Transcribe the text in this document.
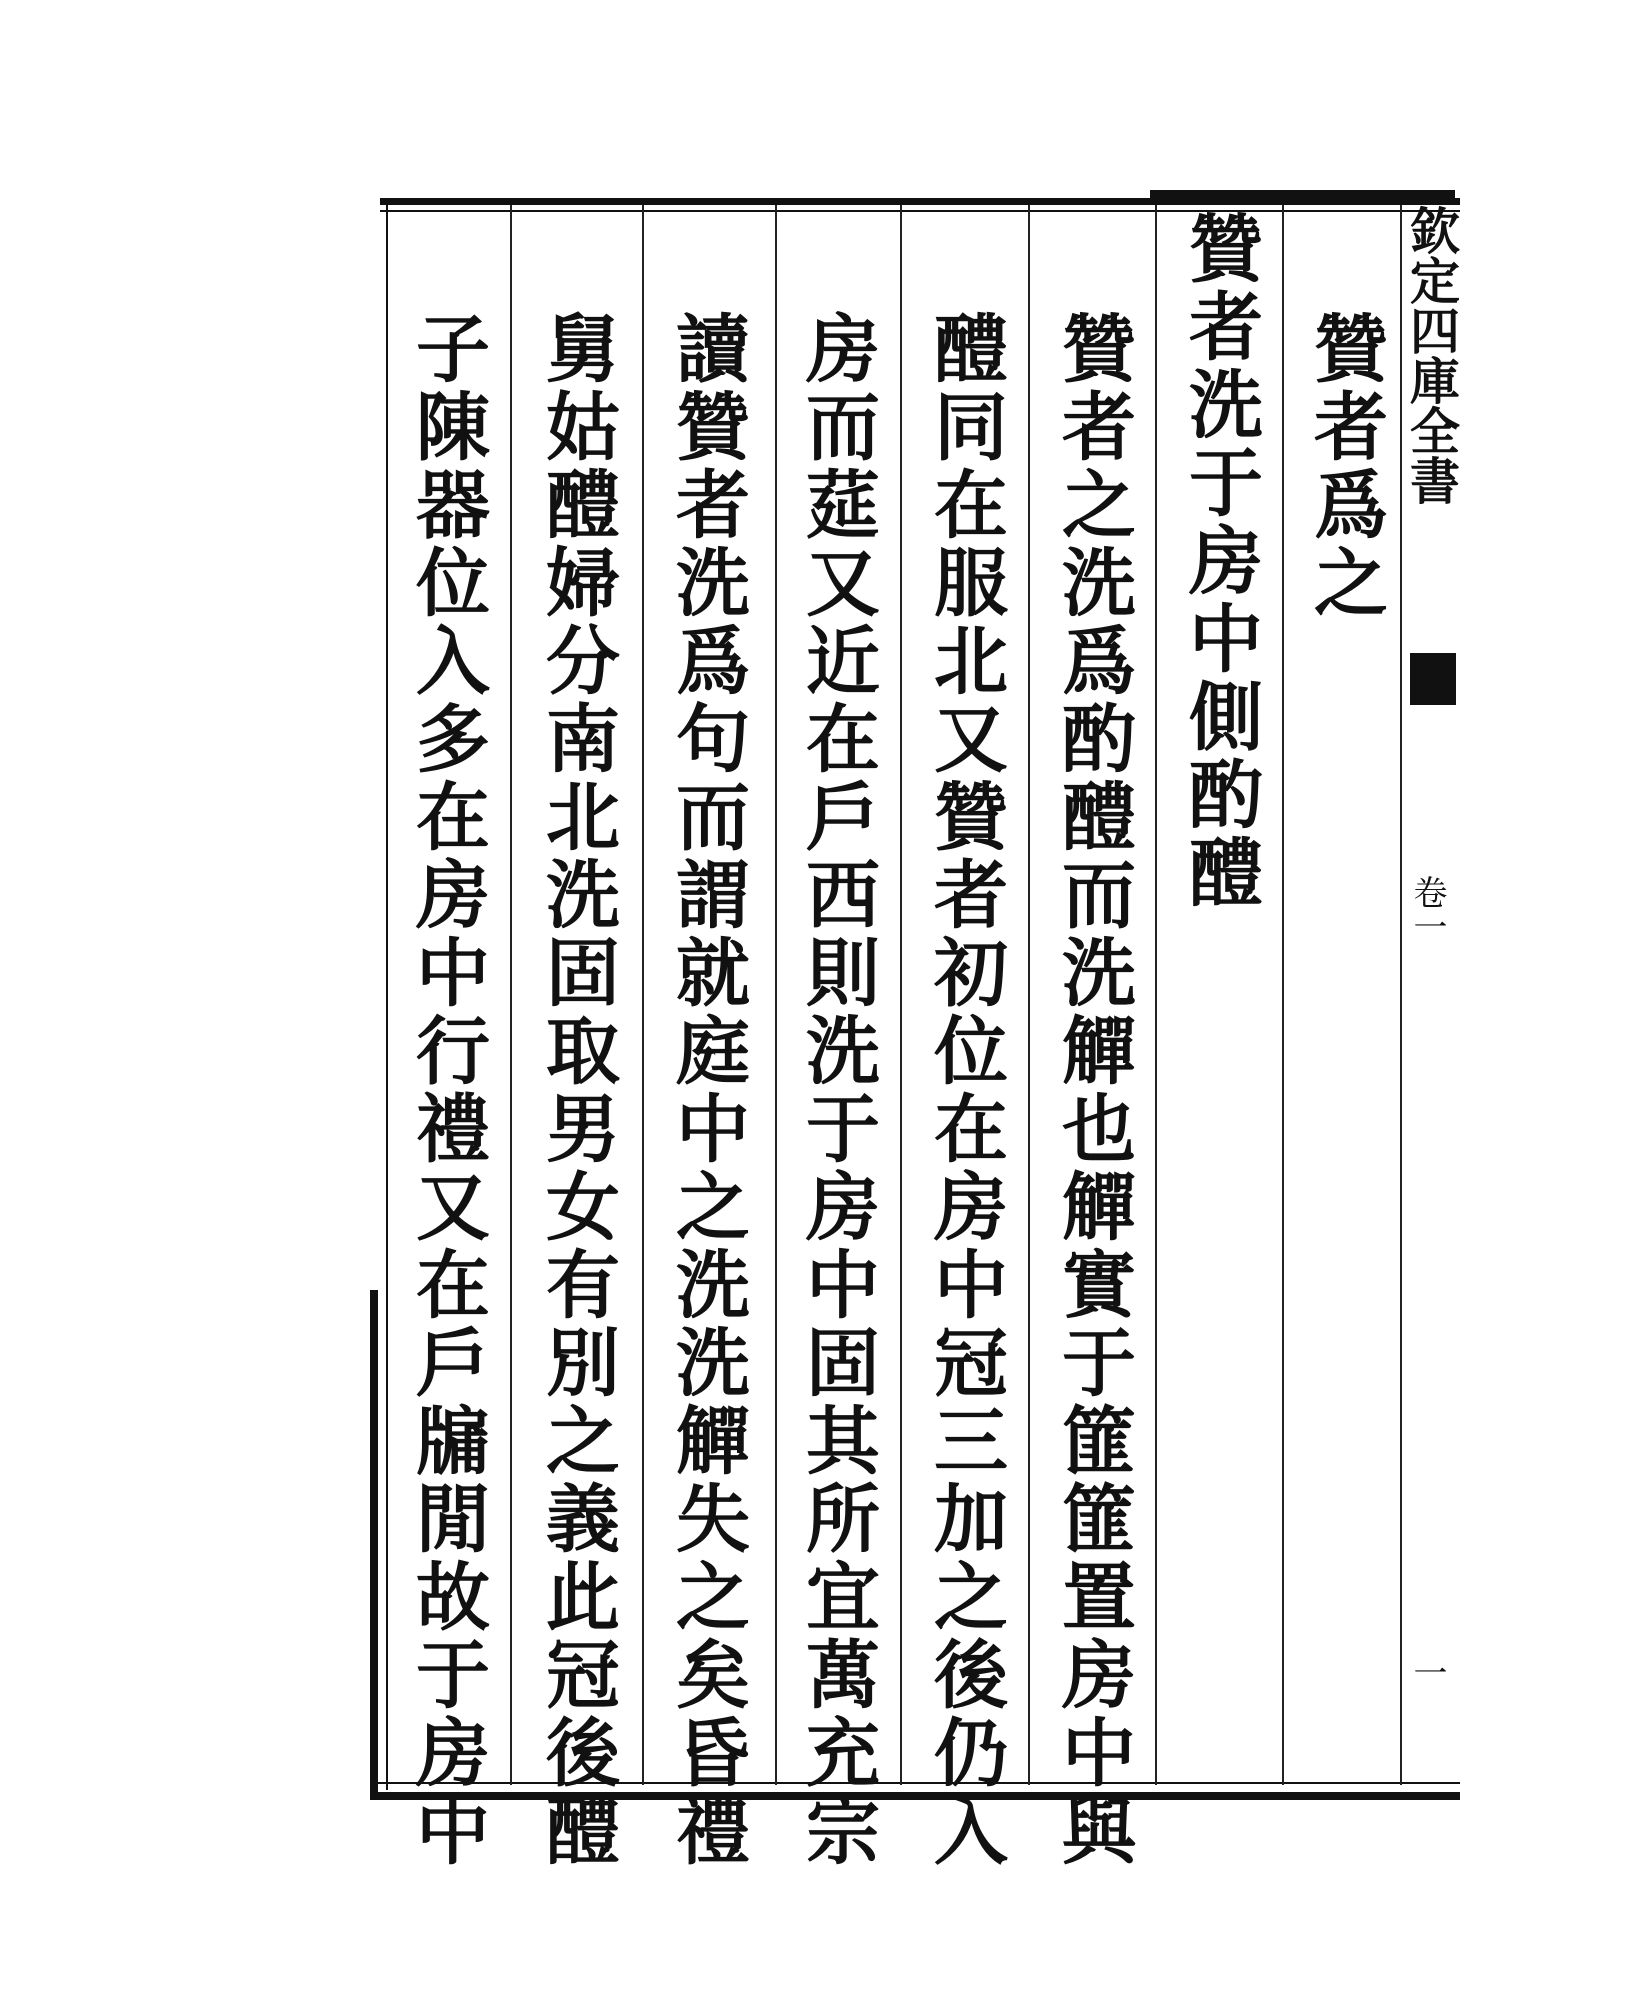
贊者爲之
贊者洗于房中側酌醴
贊者之洗爲酌醴而洗觶也觶實于篚篚置房中與
醴同在服北又贊者初位在房中冠三加之後仍入
房而莚又近在戶西則洗于房中固其所宜萬充宗
讀贊者洗爲句而謂就庭中之洗洗觶失之矣昏禮
舅姑醴婦分南北洗固取男女有別之義此冠後醴
子陳器位入多在房中行禮又在戶牖閒故于房中	欽定四庫全書
卷一
一
